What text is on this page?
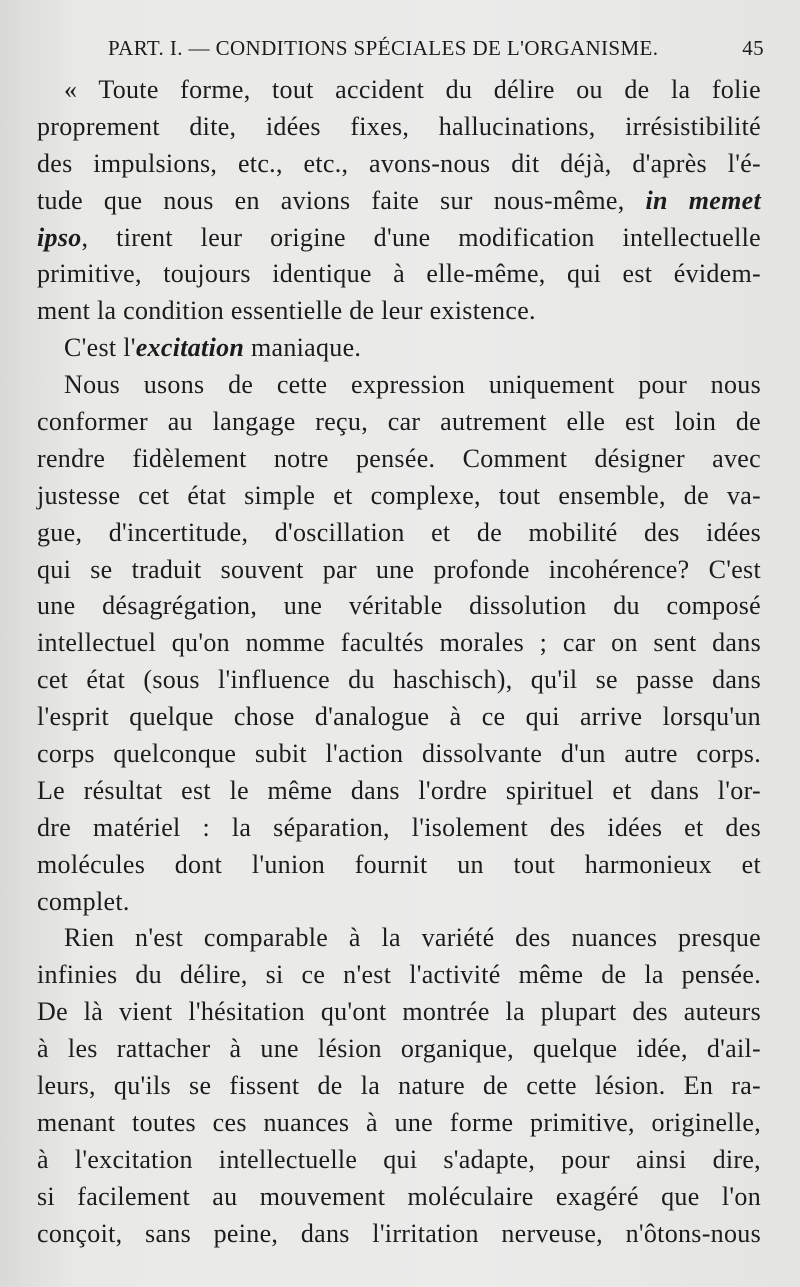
PART. I. — CONDITIONS SPÉCIALES DE L'ORGANISME.	45
« Toute forme, tout accident du délire ou de la folie
proprement dite, idées fixes, hallucinations, irrésistibilité
des impulsions, etc., etc., avons-nous dit déjà, d'après l'é-
tude que nous en avions faite sur nous-même, in memet
ipso, tirent leur origine d'une modification intellectuelle
primitive, toujours identique à elle-même, qui est évidem-
ment la condition essentielle de leur existence.
C'est l'excitation maniaque.
Nous usons de cette expression uniquement pour nous
conformer au langage reçu, car autrement elle est loin de
rendre fidèlement notre pensée. Comment désigner avec
justesse cet état simple et complexe, tout ensemble, de va-
gue, d'incertitude, d'oscillation et de mobilité des idées
qui se traduit souvent par une profonde incohérence? C'est
une désagrégation, une véritable dissolution du composé
intellectuel qu'on nomme facultés morales ; car on sent dans
cet état (sous l'influence du haschisch), qu'il se passe dans
l'esprit quelque chose d'analogue à ce qui arrive lorsqu'un
corps quelconque subit l'action dissolvante d'un autre corps.
Le résultat est le même dans l'ordre spirituel et dans l'or-
dre matériel : la séparation, l'isolement des idées et des
molécules dont l'union fournit un tout harmonieux et
complet.
Rien n'est comparable à la variété des nuances presque
infinies du délire, si ce n'est l'activité même de la pensée.
De là vient l'hésitation qu'ont montrée la plupart des auteurs
à les rattacher à une lésion organique, quelque idée, d'ail-
leurs, qu'ils se fissent de la nature de cette lésion. En ra-
menant toutes ces nuances à une forme primitive, originelle,
à l'excitation intellectuelle qui s'adapte, pour ainsi dire,
si facilement au mouvement moléculaire exagéré que l'on
conçoit, sans peine, dans l'irritation nerveuse, n'ôtons-nous
